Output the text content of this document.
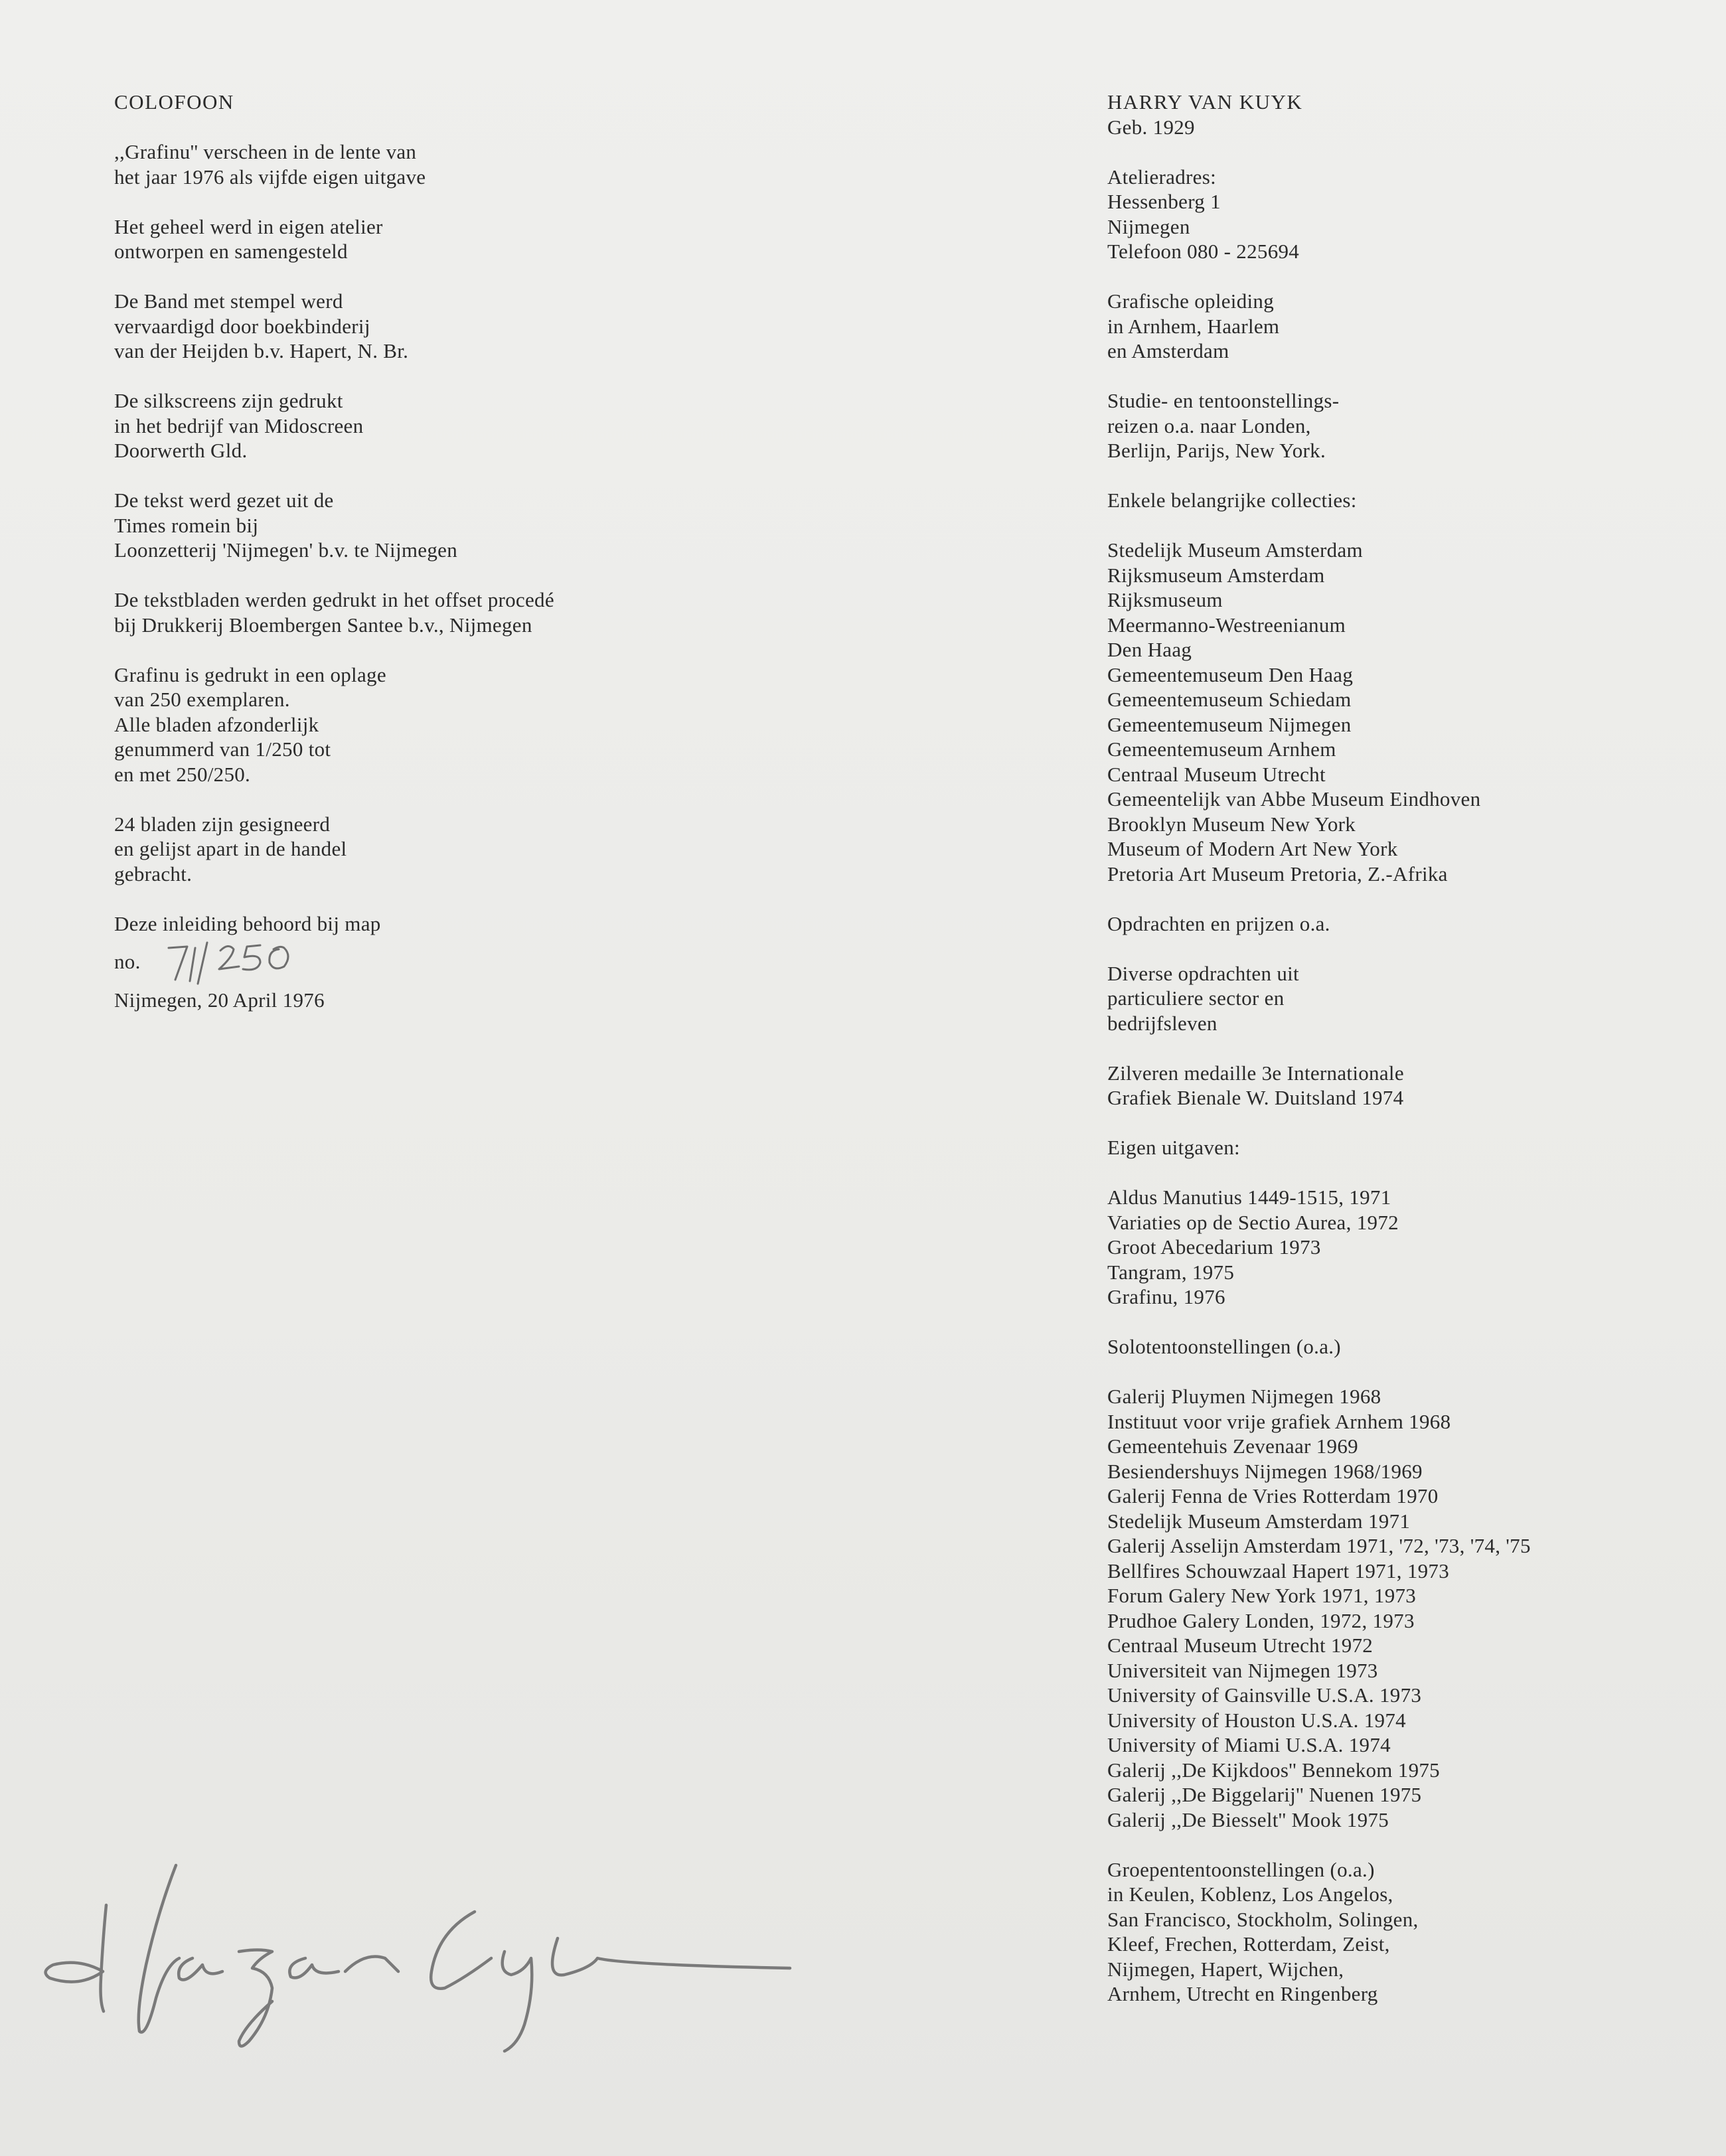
COLOFOON
,,Grafinu'' verscheen in de lente van
het jaar 1976 als vijfde eigen uitgave
Het geheel werd in eigen atelier
ontworpen en samengesteld
De Band met stempel werd
vervaardigd door boekbinderij
van der Heijden b.v. Hapert, N. Br.
De silkscreens zijn gedrukt
in het bedrijf van Midoscreen
Doorwerth Gld.
De tekst werd gezet uit de
Times romein bij
Loonzetterij 'Nijmegen' b.v. te Nijmegen
De tekstbladen werden gedrukt in het offset procedé
bij Drukkerij Bloembergen Santee b.v., Nijmegen
Grafinu is gedrukt in een oplage
van 250 exemplaren.
Alle bladen afzonderlijk
genummerd van 1/250 tot
en met 250/250.
24 bladen zijn gesigneerd
en gelijst apart in de handel
gebracht.
Deze inleiding behoord bij map
no.
Nijmegen, 20 April 1976
HARRY VAN KUYK
Geb. 1929
Atelieradres:
Hessenberg 1
Nijmegen
Telefoon 080 - 225694
Grafische opleiding
in Arnhem, Haarlem
en Amsterdam
Studie- en tentoonstellings-
reizen o.a. naar Londen,
Berlijn, Parijs, New York.
Enkele belangrijke collecties:
Stedelijk Museum Amsterdam
Rijksmuseum Amsterdam
Rijksmuseum
Meermanno-Westreenianum
Den Haag
Gemeentemuseum Den Haag
Gemeentemuseum Schiedam
Gemeentemuseum Nijmegen
Gemeentemuseum Arnhem
Centraal Museum Utrecht
Gemeentelijk van Abbe Museum Eindhoven
Brooklyn Museum New York
Museum of Modern Art New York
Pretoria Art Museum Pretoria, Z.-Afrika
Opdrachten en prijzen o.a.
Diverse opdrachten uit
particuliere sector en
bedrijfsleven
Zilveren medaille 3e Internationale
Grafiek Bienale W. Duitsland 1974
Eigen uitgaven:
Aldus Manutius 1449-1515, 1971
Variaties op de Sectio Aurea, 1972
Groot Abecedarium 1973
Tangram, 1975
Grafinu, 1976
Solotentoonstellingen (o.a.)
Galerij Pluymen Nijmegen 1968
Instituut voor vrije grafiek Arnhem 1968
Gemeentehuis Zevenaar 1969
Besiendershuys Nijmegen 1968/1969
Galerij Fenna de Vries Rotterdam 1970
Stedelijk Museum Amsterdam 1971
Galerij Asselijn Amsterdam 1971, '72, '73, '74, '75
Bellfires Schouwzaal Hapert 1971, 1973
Forum Galery New York 1971, 1973
Prudhoe Galery Londen, 1972, 1973
Centraal Museum Utrecht 1972
Universiteit van Nijmegen 1973
University of Gainsville U.S.A. 1973
University of Houston U.S.A. 1974
University of Miami U.S.A. 1974
Galerij ,,De Kijkdoos'' Bennekom 1975
Galerij ,,De Biggelarij'' Nuenen 1975
Galerij ,,De Biesselt'' Mook 1975
Groepententoonstellingen (o.a.)
in Keulen, Koblenz, Los Angelos,
San Francisco, Stockholm, Solingen,
Kleef, Frechen, Rotterdam, Zeist,
Nijmegen, Hapert, Wijchen,
Arnhem, Utrecht en Ringenberg
